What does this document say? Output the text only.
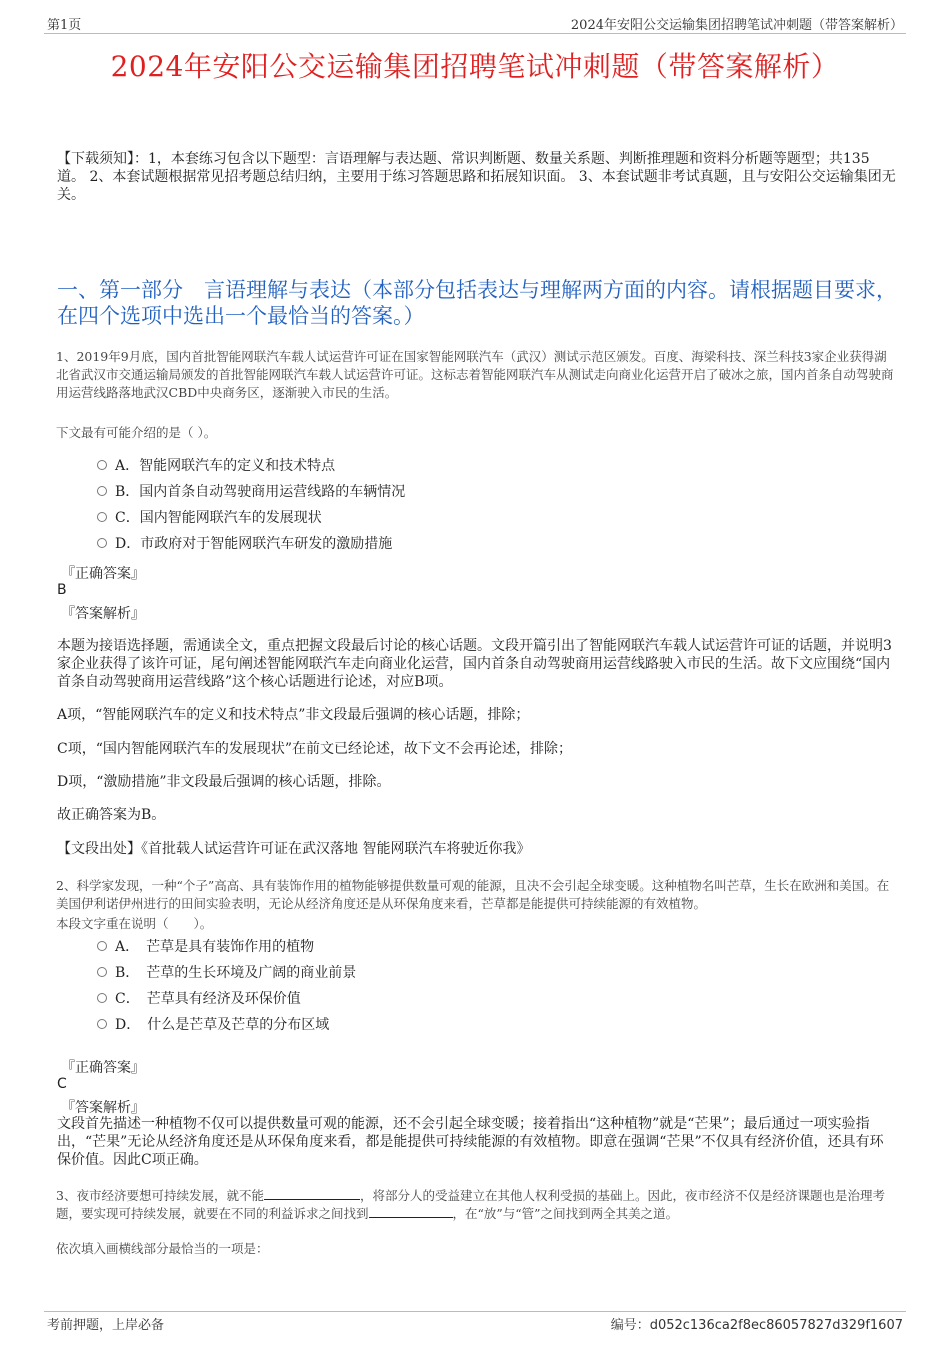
第1页	2024年安阳公交运输集团招聘笔试冲刺题（带答案解析）
2024年安阳公交运输集团招聘笔试冲刺题（带答案解析）
【下载须知】：1，本套练习包含以下题型：言语理解与表达题、常识判断题、数量关系题、判断推理题和资料分析题等题型；共135道。 2、本套试题根据常见招考题总结归纳，主要用于练习答题思路和拓展知识面。 3、本套试题非考试真题，且与安阳公交运输集团无关。
一、第一部分　言语理解与表达（本部分包括表达与理解两方面的内容。请根据题目要求，在四个选项中选出一个最恰当的答案。）
1、2019年9月底，国内首批智能网联汽车载人试运营许可证在国家智能网联汽车（武汉）测试示范区颁发。百度、海梁科技、深兰科技3家企业获得湖北省武汉市交通运输局颁发的首批智能网联汽车载人试运营许可证。这标志着智能网联汽车从测试走向商业化运营开启了破冰之旅，国内首条自动驾驶商用运营线路落地武汉CBD中央商务区，逐渐驶入市民的生活。
下文最有可能介绍的是（ ）。
A．智能网联汽车的定义和技术特点
B．国内首条自动驾驶商用运营线路的车辆情况
C．国内智能网联汽车的发展现状
D．市政府对于智能网联汽车研发的激励措施
『正确答案』
B
『答案解析』
本题为接语选择题，需通读全文，重点把握文段最后讨论的核心话题。文段开篇引出了智能网联汽车载人试运营许可证的话题，并说明3家企业获得了该许可证，尾句阐述智能网联汽车走向商业化运营，国内首条自动驾驶商用运营线路驶入市民的生活。故下文应围绕“国内首条自动驾驶商用运营线路”这个核心话题进行论述，对应B项。
A项，“智能网联汽车的定义和技术特点”非文段最后强调的核心话题，排除；
C项，“国内智能网联汽车的发展现状”在前文已经论述，故下文不会再论述，排除；
D项，“激励措施”非文段最后强调的核心话题，排除。
故正确答案为B。
【文段出处】《首批载人试运营许可证在武汉落地 智能网联汽车将驶近你我》
2、科学家发现，一种“个子”高高、具有装饰作用的植物能够提供数量可观的能源，且决不会引起全球变暖。这种植物名叫芒草，生长在欧洲和美国。在美国伊利诺伊州进行的田间实验表明，无论从经济角度还是从环保角度来看，芒草都是能提供可持续能源的有效植物。
本段文字重在说明（　　）。
A．　芒草是具有装饰作用的植物
B．　芒草的生长环境及广阔的商业前景
C．　芒草具有经济及环保价值
D．　什么是芒草及芒草的分布区域
『正确答案』
C
『答案解析』
文段首先描述一种植物不仅可以提供数量可观的能源，还不会引起全球变暖；接着指出“这种植物”就是“芒果”；最后通过一项实验指出，“芒果”无论从经济角度还是从环保角度来看，都是能提供可持续能源的有效植物。即意在强调“芒果”不仅具有经济价值，还具有环保价值。因此C项正确。
3、夜市经济要想可持续发展，就不能	，将部分人的受益建立在其他人权利受损的基础上。因此，夜市经济不仅是经济课题也是治理考题，要实现可持续发展，就要在不同的利益诉求之间找到	，在“放”与“管”之间找到两全其美之道。
依次填入画横线部分最恰当的一项是：
考前押题，上岸必备	编号：d052c136ca2f8ec86057827d329f1607
